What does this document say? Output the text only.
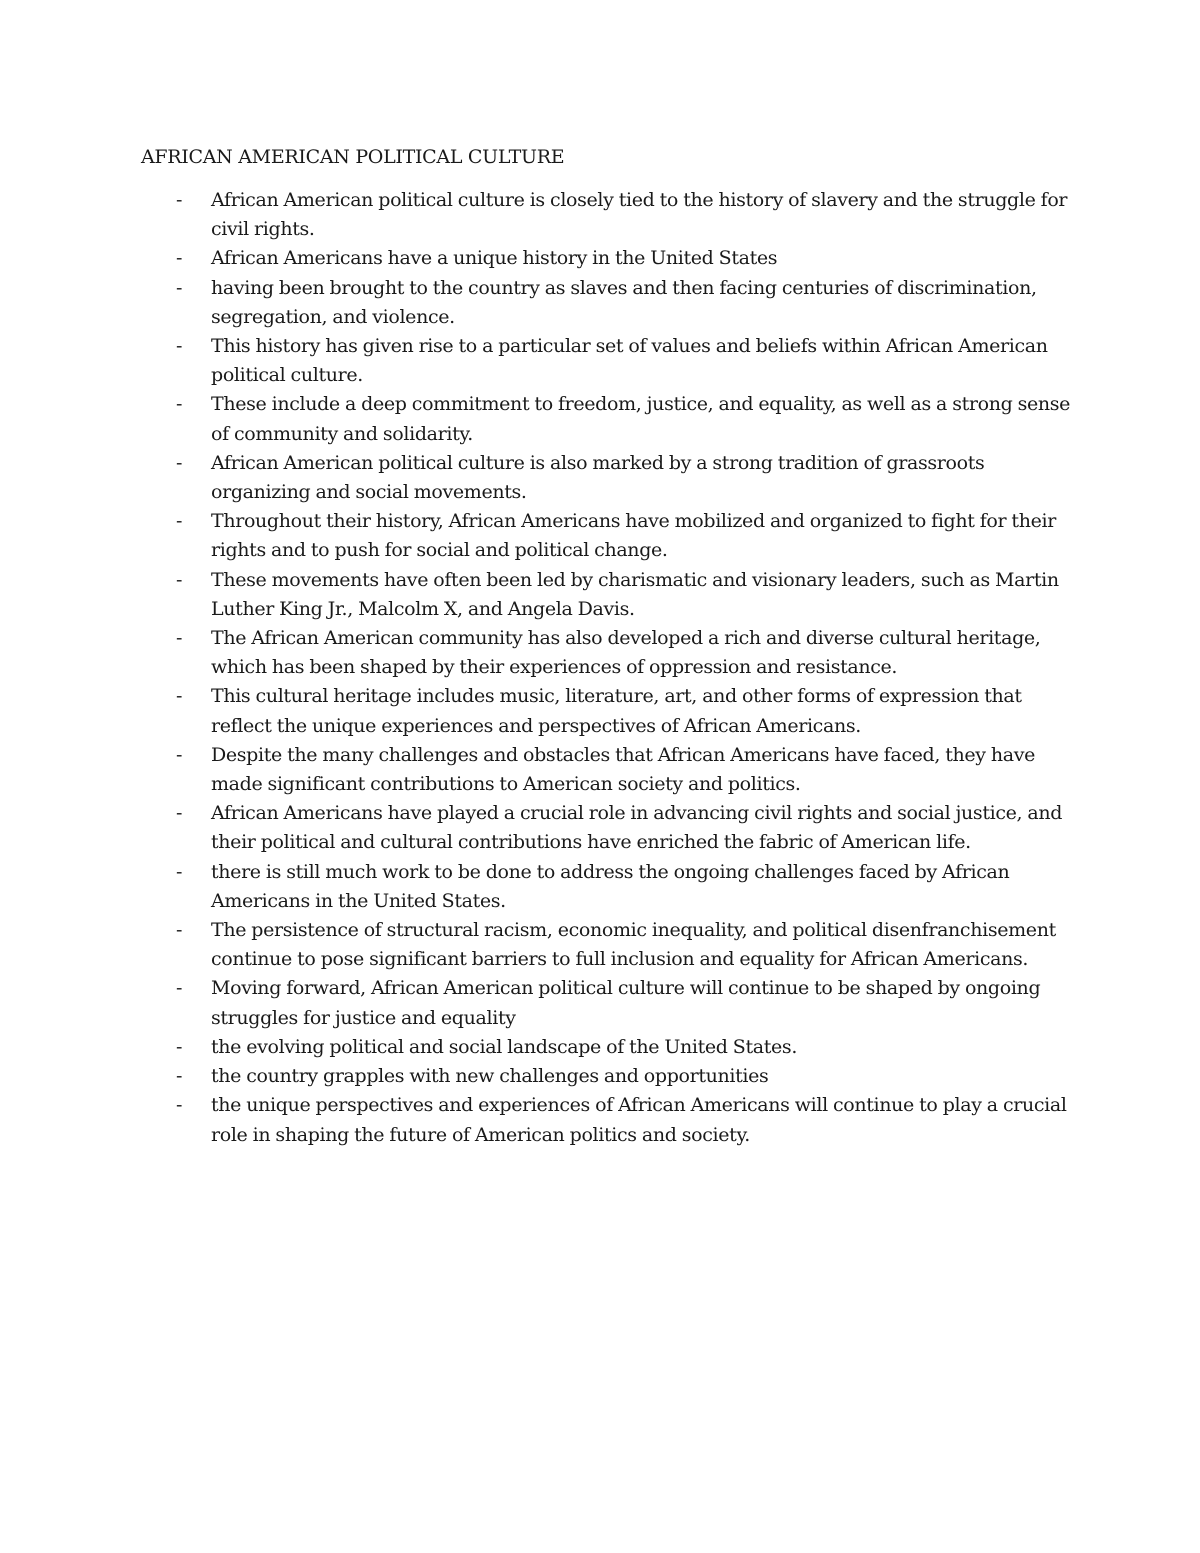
AFRICAN AMERICAN POLITICAL CULTURE
- African American political culture is closely tied to the history of slavery and the struggle for civil rights.
- African Americans have a unique history in the United States
- having been brought to the country as slaves and then facing centuries of discrimination, segregation, and violence.
- This history has given rise to a particular set of values and beliefs within African American political culture.
- These include a deep commitment to freedom, justice, and equality, as well as a strong sense of community and solidarity.
- African American political culture is also marked by a strong tradition of grassroots organizing and social movements.
- Throughout their history, African Americans have mobilized and organized to fight for their rights and to push for social and political change.
- These movements have often been led by charismatic and visionary leaders, such as Martin Luther King Jr., Malcolm X, and Angela Davis.
- The African American community has also developed a rich and diverse cultural heritage, which has been shaped by their experiences of oppression and resistance.
- This cultural heritage includes music, literature, art, and other forms of expression that reflect the unique experiences and perspectives of African Americans.
- Despite the many challenges and obstacles that African Americans have faced, they have made significant contributions to American society and politics.
- African Americans have played a crucial role in advancing civil rights and social justice, and their political and cultural contributions have enriched the fabric of American life.
- there is still much work to be done to address the ongoing challenges faced by African Americans in the United States.
- The persistence of structural racism, economic inequality, and political disenfranchisement continue to pose significant barriers to full inclusion and equality for African Americans.
- Moving forward, African American political culture will continue to be shaped by ongoing struggles for justice and equality
- the evolving political and social landscape of the United States.
- the country grapples with new challenges and opportunities
- the unique perspectives and experiences of African Americans will continue to play a crucial role in shaping the future of American politics and society.
